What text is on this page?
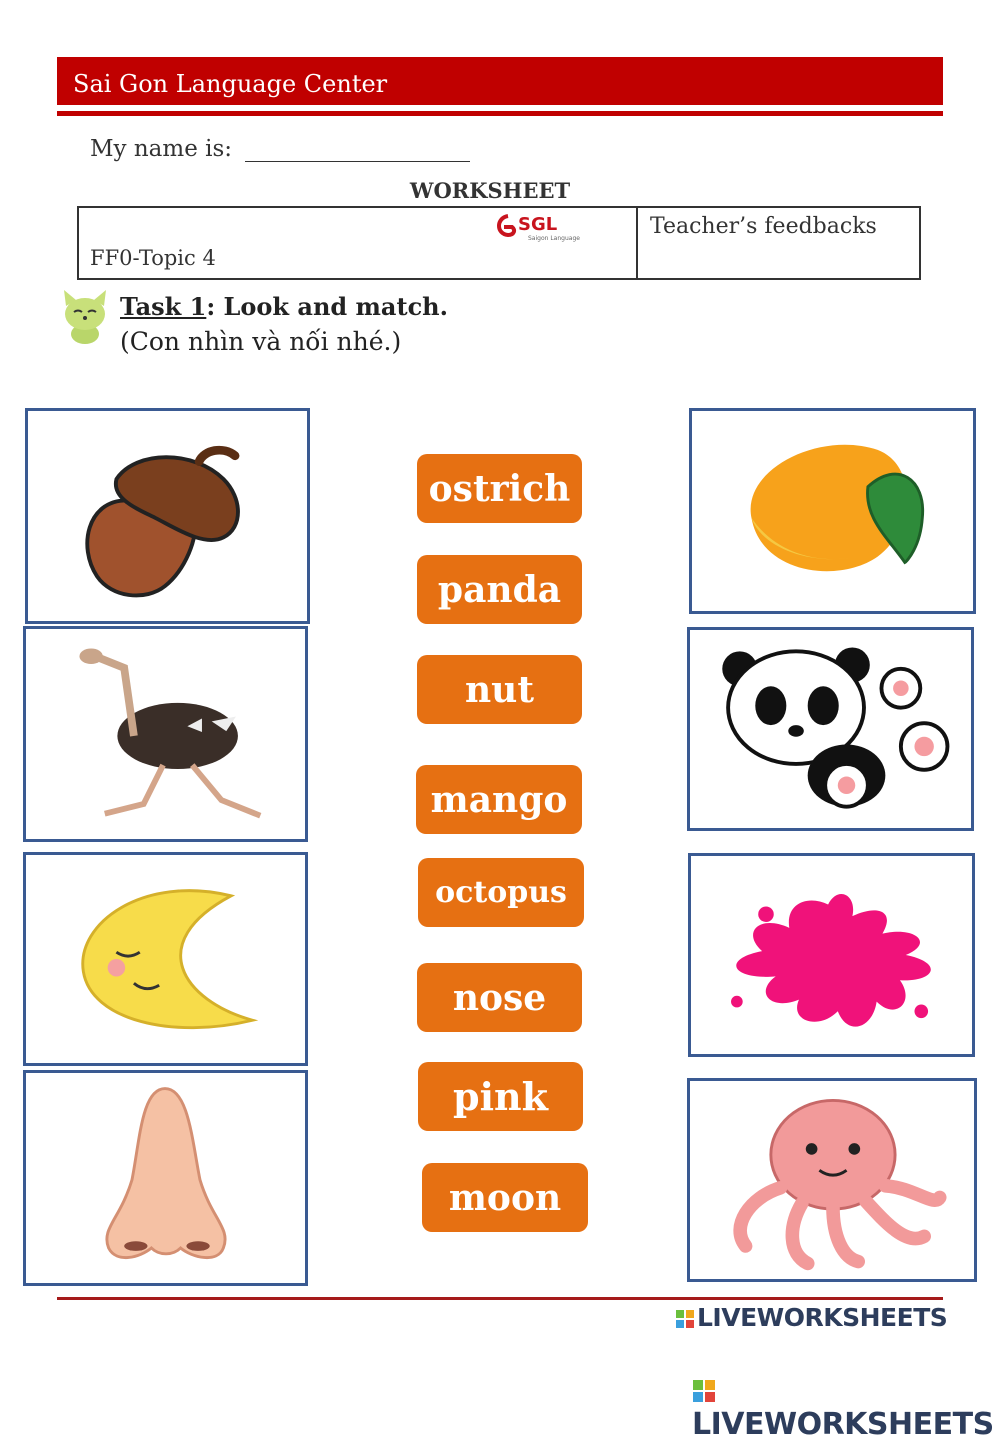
Sai Gon Language Center
My name is:
WORKSHEET
FF0-Topic 4
Teacher’s feedbacks
SGL
Saigon Language
Task 1: Look and match.
(Con nhìn và nối nhé.)
ostrich
panda
nut
mango
octopus
nose
pink
moon

LIVEWORKSHEETS

LIVEWORKSHEETS
